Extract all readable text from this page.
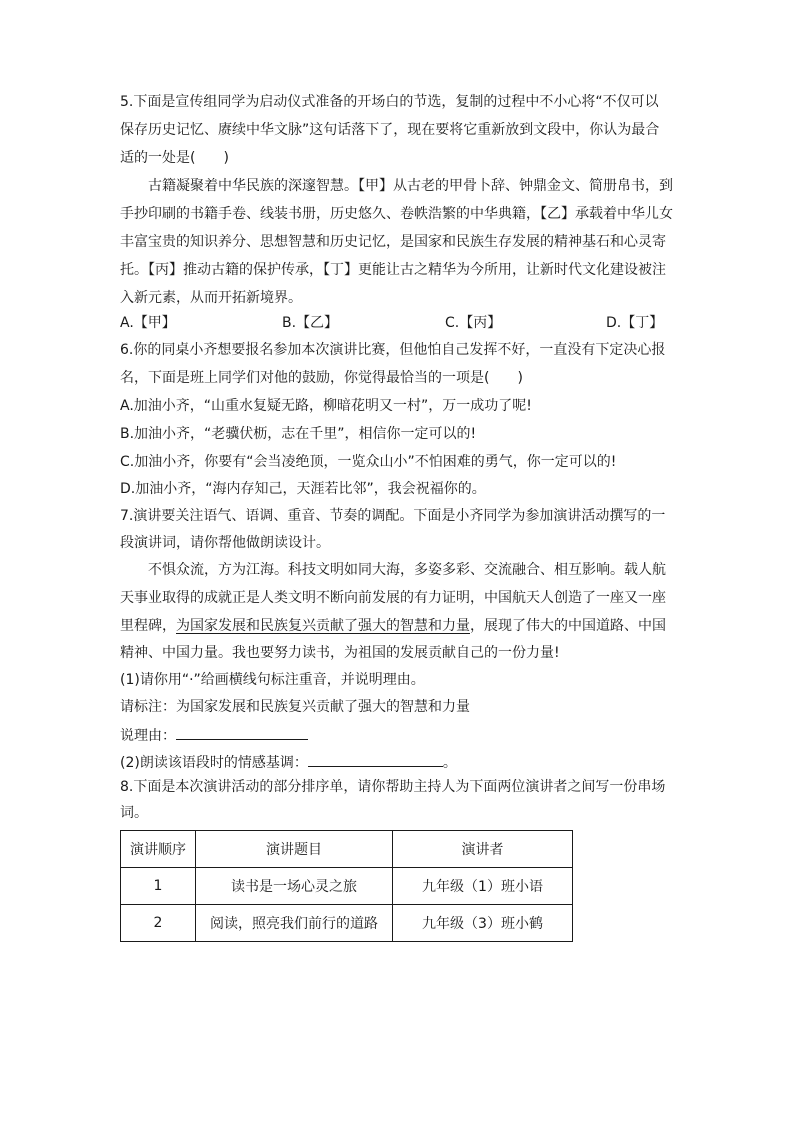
5.下面是宣传组同学为启动仪式准备的开场白的节选，复制的过程中不小心将“不仅可以
保存历史记忆、赓续中华文脉”这句话落下了，现在要将它重新放到文段中，你认为最合
适的一处是(　　)
古籍凝聚着中华民族的深邃智慧。【甲】从古老的甲骨卜辞、钟鼎金文、简册帛书，到
手抄印刷的书籍手卷、线装书册，历史悠久、卷帙浩繁的中华典籍，【乙】承载着中华儿女
丰富宝贵的知识养分、思想智慧和历史记忆，是国家和民族生存发展的精神基石和心灵寄
托。【丙】推动古籍的保护传承，【丁】更能让古之精华为今所用，让新时代文化建设被注
入新元素，从而开拓新境界。
A.【甲】	B.【乙】	C.【丙】	D.【丁】
6.你的同桌小齐想要报名参加本次演讲比赛，但他怕自己发挥不好，一直没有下定决心报
名，下面是班上同学们对他的鼓励，你觉得最恰当的一项是(　　)
A.加油小齐，“山重水复疑无路，柳暗花明又一村”，万一成功了呢!
B.加油小齐，“老骥伏枥，志在千里”，相信你一定可以的!
C.加油小齐，你要有“会当凌绝顶，一览众山小”不怕困难的勇气，你一定可以的!
D.加油小齐，“海内存知己，天涯若比邻”，我会祝福你的。
7.演讲要关注语气、语调、重音、节奏的调配。下面是小齐同学为参加演讲活动撰写的一
段演讲词，请你帮他做朗读设计。
不惧众流，方为江海。科技文明如同大海，多姿多彩、交流融合、相互影响。载人航
天事业取得的成就正是人类文明不断向前发展的有力证明，中国航天人创造了一座又一座
里程碑，为国家发展和民族复兴贡献了强大的智慧和力量，展现了伟大的中国道路、中国
精神、中国力量。我也要努力读书，为祖国的发展贡献自己的一份力量!
(1)请你用“·”给画横线句标注重音，并说明理由。
请标注：为国家发展和民族复兴贡献了强大的智慧和力量
说理由：
(2)朗读该语段时的情感基调：	。
8.下面是本次演讲活动的部分排序单，请你帮助主持人为下面两位演讲者之间写一份串场
词。
演讲顺序	演讲题目	演讲者
1	读书是一场心灵之旅	九年级（1）班小语
2	阅读，照亮我们前行的道路	九年级（3）班小鹤
